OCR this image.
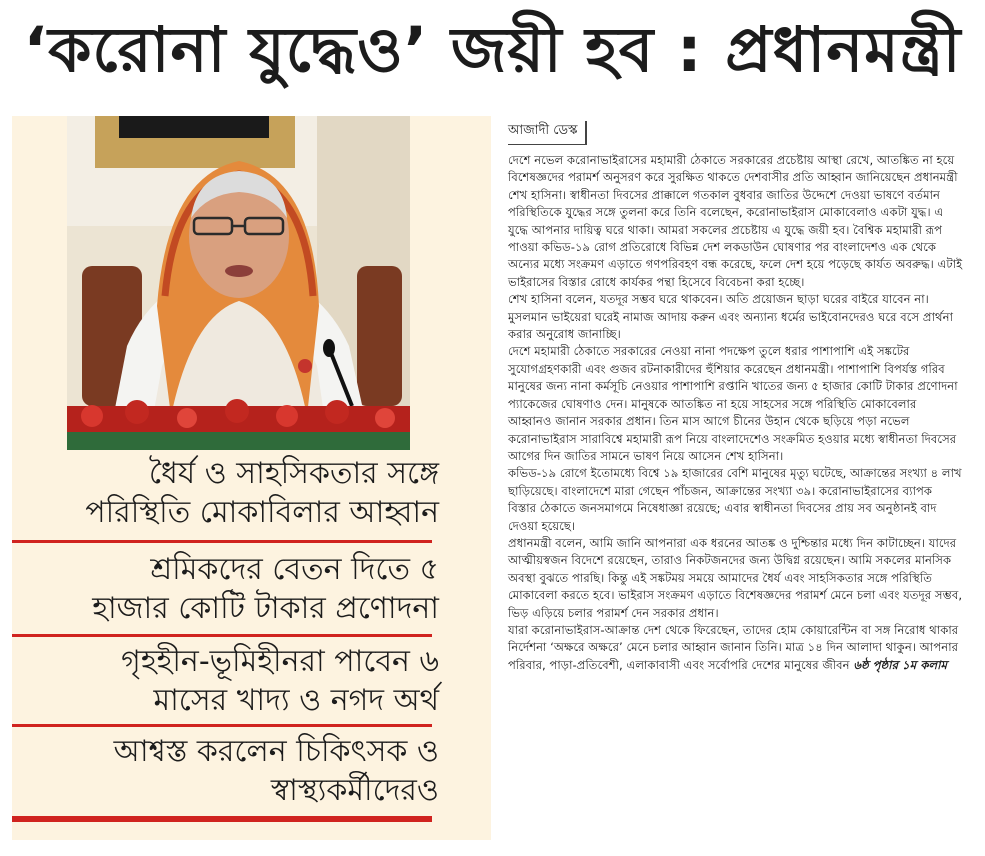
‘করোনা যুদ্ধেও’ জয়ী হব : প্রধানমন্ত্রী
ধৈর্য ও সাহসিকতার সঙ্গে
পরিস্থিতি মোকাবিলার আহ্বান
শ্রমিকদের বেতন দিতে ৫
হাজার কোটি টাকার প্রণোদনা
গৃহহীন-ভূমিহীনরা পাবেন ৬
মাসের খাদ্য ও নগদ অর্থ
আশ্বস্ত করলেন চিকিৎসক ও
স্বাস্থ্যকর্মীদেরও
আজাদী ডেস্ক

দেশে নভেল করোনাভাইরাসের মহামারী ঠেকাতে সরকারের প্রচেষ্টায় আস্থা রেখে, আতঙ্কিত না হয়ে বিশেষজ্ঞদের পরামর্শ অনুসরণ করে সুরক্ষিত থাকতে দেশবাসীর প্রতি আহ্বান জানিয়েছেন প্রধানমন্ত্রী শেখ হাসিনা। স্বাধীনতা দিবসের প্রাক্কালে গতকাল বুধবার জাতির উদ্দেশে দেওয়া ভাষণে বর্তমান পরিস্থিতিকে যুদ্ধের সঙ্গে তুলনা করে তিনি বলেছেন, করোনাভাইরাস মোকাবেলাও একটা যুদ্ধ। এ যুদ্ধে আপনার দায়িত্ব ঘরে থাকা। আমরা সকলের প্রচেষ্টায় এ যুদ্ধে জয়ী হব। বৈশ্বিক মহামারী রূপ পাওয়া কভিড-১৯ রোগ প্রতিরোধে বিভিন্ন দেশ লকডাউন ঘোষণার পর বাংলাদেশও এক থেকে অন্যের মধ্যে সংক্রমণ এড়াতে গণপরিবহণ বন্ধ করেছে, ফলে দেশ হয়ে পড়েছে কার্যত অবরুদ্ধ। এটাই ভাইরাসের বিস্তার রোধে কার্যকর পন্থা হিসেবে বিবেচনা করা হচ্ছে।

শেখ হাসিনা বলেন, যতদূর সম্ভব ঘরে থাকবেন। অতি প্রয়োজন ছাড়া ঘরের বাইরে যাবেন না। মুসলমান ভাইয়েরা ঘরেই নামাজ আদায় করুন এবং অন্যান্য ধর্মের ভাইবোনদেরও ঘরে বসে প্রার্থনা করার অনুরোধ জানাচ্ছি।

দেশে মহামারী ঠেকাতে সরকারের নেওয়া নানা পদক্ষেপ তুলে ধরার পাশাপাশি এই সঙ্কটের সুযোগগ্রহণকারী এবং গুজব রটনাকারীদের হুঁশিয়ার করেছেন প্রধানমন্ত্রী। পাশাপাশি বিপর্যস্ত গরিব মানুষের জন্য নানা কর্মসূচি নেওয়ার পাশাপাশি রপ্তানি খাতের জন্য ৫ হাজার কোটি টাকার প্রণোদনা প্যাকেজের ঘোষণাও দেন। মানুষকে আতঙ্কিত না হয়ে সাহসের সঙ্গে পরিস্থিতি মোকাবেলার আহ্বানও জানান সরকার প্রধান। তিন মাস আগে চীনের উহান থেকে ছড়িয়ে পড়া নভেল করোনাভাইরাস সারাবিশ্বে মহামারী রূপ নিয়ে বাংলাদেশেও সংক্রমিত হওয়ার মধ্যে স্বাধীনতা দিবসের আগের দিন জাতির সামনে ভাষণ নিয়ে আসেন শেখ হাসিনা।

কভিড-১৯ রোগে ইতোমধ্যে বিশ্বে ১৯ হাজারের বেশি মানুষের মৃত্যু ঘটেছে, আক্রান্তের সংখ্যা ৪ লাখ ছাড়িয়েছে। বাংলাদেশে মারা গেছেন পাঁচজন, আক্রান্তের সংখ্যা ৩৯। করোনাভাইরাসের ব্যাপক বিস্তার ঠেকাতে জনসমাগমে নিষেধাজ্ঞা রয়েছে; এবার স্বাধীনতা দিবসের প্রায় সব অনুষ্ঠানই বাদ দেওয়া হয়েছে।

প্রধানমন্ত্রী বলেন, আমি জানি আপনারা এক ধরনের আতঙ্ক ও দুশ্চিন্তার মধ্যে দিন কাটাচ্ছেন। যাদের আত্মীয়স্বজন বিদেশে রয়েছেন, তারাও নিকটজনদের জন্য উদ্বিগ্ন রয়েছেন। আমি সকলের মানসিক অবস্থা বুঝতে পারছি। কিন্তু এই সঙ্কটময় সময়ে আমাদের ধৈর্য এবং সাহসিকতার সঙ্গে পরিস্থিতি মোকাবেলা করতে হবে। ভাইরাস সংক্রমণ এড়াতে বিশেষজ্ঞদের পরামর্শ মেনে চলা এবং যতদূর সম্ভব, ভিড় এড়িয়ে চলার পরামর্শ দেন সরকার প্রধান।

যারা করোনাভাইরাস-আক্রান্ত দেশ থেকে ফিরেছেন, তাদের হোম কোয়ারেন্টিন বা সঙ্গ নিরোধ থাকার নির্দেশনা ‘অক্ষরে অক্ষরে’ মেনে চলার আহ্বান জানান তিনি। মাত্র ১৪ দিন আলাদা থাকুন। আপনার পরিবার, পাড়া-প্রতিবেশী, এলাকাবাসী এবং সর্বোপরি দেশের মানুষের জীবন ৬ষ্ঠ পৃষ্ঠার ১ম কলাম
